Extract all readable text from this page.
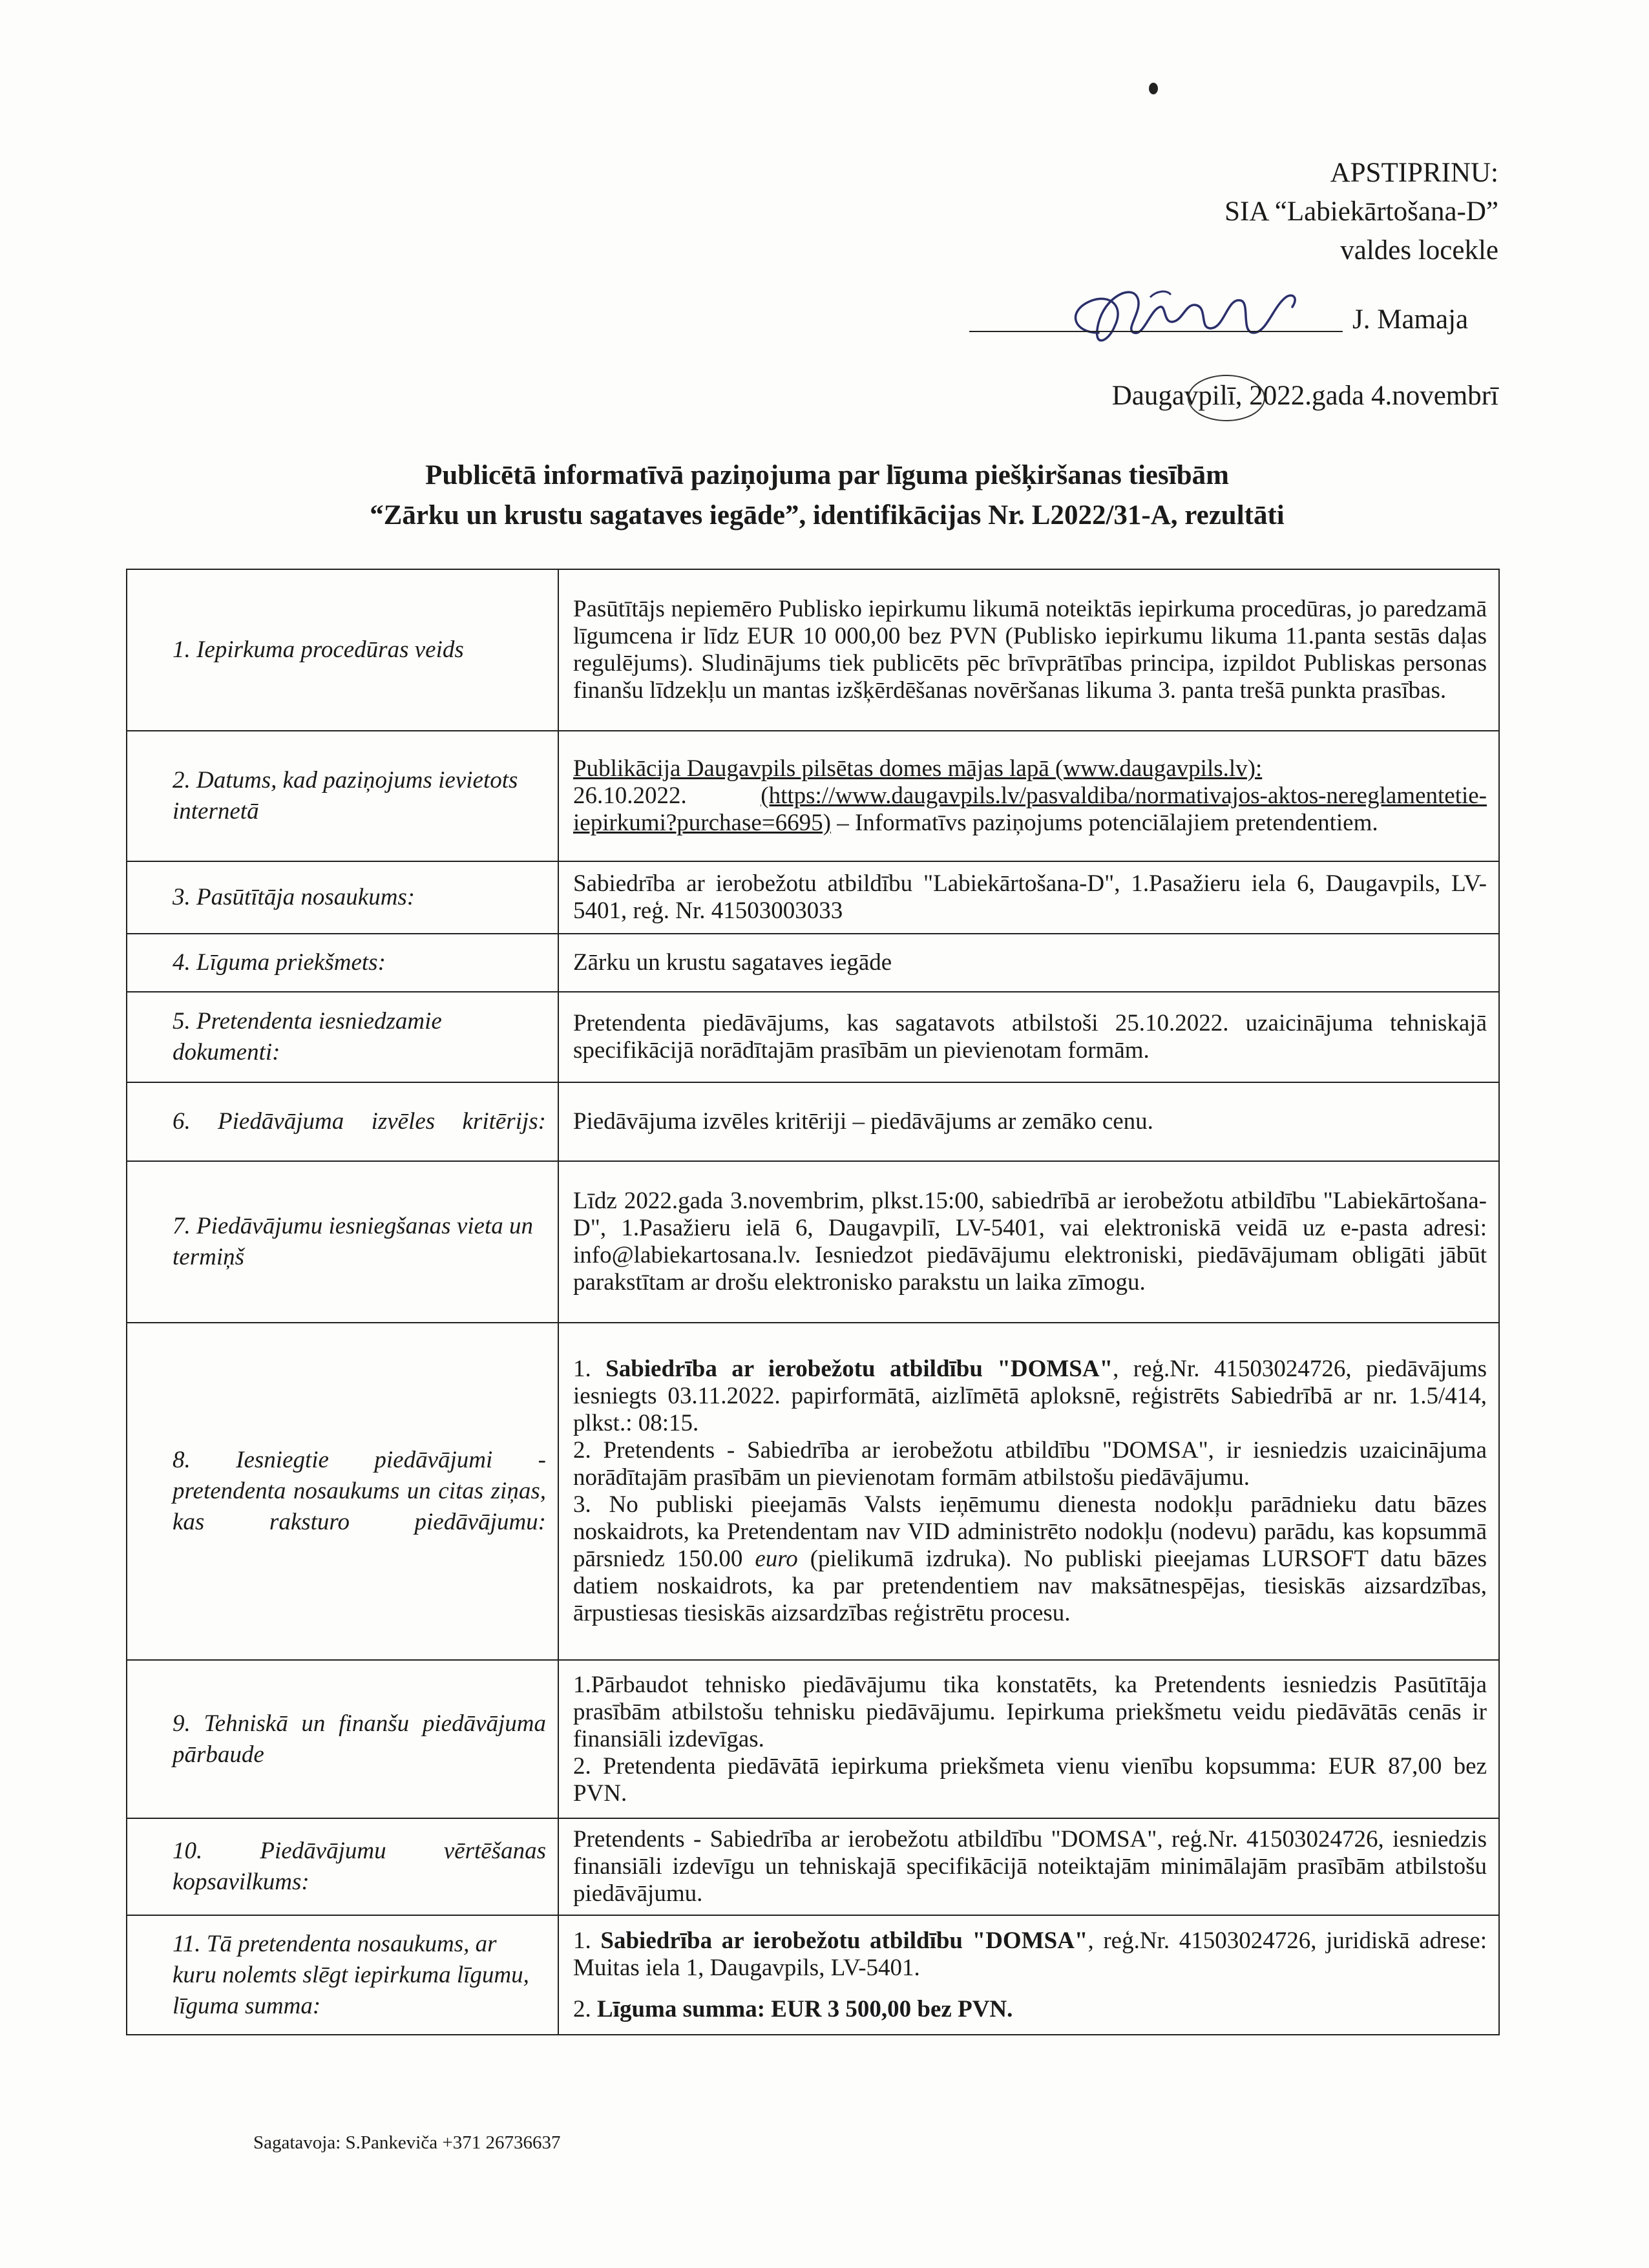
APSTIPRINU:
SIA “Labiekārtošana-D”
valdes locekle
J. Mamaja
Daugavpilī, 2022.gada 4.novembrī
Publicētā informatīvā paziņojuma par līguma piešķiršanas tiesībām
“Zārku un krustu sagataves iegāde”, identifikācijas Nr. L2022/31-A, rezultāti
1. Iepirkuma procedūras veids	Pasūtītājs nepiemēro Publisko iepirkumu likumā noteiktās iepirkuma procedūras, jo paredzamā līgumcena ir līdz EUR 10 000,00 bez PVN (Publisko iepirkumu likuma 11.panta sestās daļas regulējums). Sludinājums tiek publicēts pēc brīvprātības principa, izpildot Publiskas personas finanšu līdzekļu un mantas izšķērdēšanas novēršanas likuma 3. panta trešā punkta prasības.
2. Datums, kad paziņojums ievietots internetā	Publikācija Daugavpils pilsētas domes mājas lapā (www.daugavpils.lv):

26.10.2022. (https://www.daugavpils.lv/pasvaldiba/normativajos-aktos-nereglamentetie-iepirkumi?purchase=6695) – Informatīvs paziņojums potenciālajiem pretendentiem.

3. Pasūtītāja nosaukums:	Sabiedrība ar ierobežotu atbildību "Labiekārtošana-D", 1.Pasažieru iela 6, Daugavpils, LV-5401, reģ. Nr. 41503003033
4. Līguma priekšmets:	Zārku un krustu sagataves iegāde
5. Pretendenta iesniedzamie dokumenti:	Pretendenta piedāvājums, kas sagatavots atbilstoši 25.10.2022. uzaicinājuma tehniskajā specifikācijā norādītajām prasībām un pievienotam formām.
6. Piedāvājuma izvēles kritērijs:	Piedāvājuma izvēles kritēriji – piedāvājums ar zemāko cenu.
7. Piedāvājumu iesniegšanas vieta un termiņš	Līdz 2022.gada 3.novembrim, plkst.15:00, sabiedrībā ar ierobežotu atbildību "Labiekārtošana-D", 1.Pasažieru ielā 6, Daugavpilī, LV-5401, vai elektroniskā veidā uz e-pasta adresi: info@labiekartosana.lv. Iesniedzot piedāvājumu elektroniski, piedāvājumam obligāti jābūt parakstītam ar drošu elektronisko parakstu un laika zīmogu.
8. Iesniegtie piedāvājumi - pretendenta nosaukums un citas ziņas, kas raksturo piedāvājumu:	1. Sabiedrība ar ierobežotu atbildību "DOMSA", reģ.Nr. 41503024726, piedāvājums iesniegts 03.11.2022. papirformātā, aizlīmētā aploksnē, reģistrēts Sabiedrībā ar nr. 1.5/414, plkst.: 08:15.

2. Pretendents - Sabiedrība ar ierobežotu atbildību "DOMSA", ir iesniedzis uzaicinājuma norādītajām prasībām un pievienotam formām atbilstošu piedāvājumu.

3. No publiski pieejamās Valsts ieņēmumu dienesta nodokļu parādnieku datu bāzes noskaidrots, ka Pretendentam nav VID administrēto nodokļu (nodevu) parādu, kas kopsummā pārsniedz 150.00 euro (pielikumā izdruka). No publiski pieejamas LURSOFT datu bāzes datiem noskaidrots, ka par pretendentiem nav maksātnespējas, tiesiskās aizsardzības, ārpustiesas tiesiskās aizsardzības reģistrētu procesu.

9. Tehniskā un finanšu piedāvājuma pārbaude	1.Pārbaudot tehnisko piedāvājumu tika konstatēts, ka Pretendents iesniedzis Pasūtītāja prasībām atbilstošu tehnisku piedāvājumu. Iepirkuma priekšmetu veidu piedāvātās cenās ir finansiāli izdevīgas.

2. Pretendenta piedāvātā iepirkuma priekšmeta vienu vienību kopsumma: EUR 87,00 bez PVN.

10. Piedāvājumu vērtēšanas kopsavilkums:	Pretendents - Sabiedrība ar ierobežotu atbildību "DOMSA", reģ.Nr. 41503024726, iesniedzis finansiāli izdevīgu un tehniskajā specifikācijā noteiktajām minimālajām prasībām atbilstošu piedāvājumu.
11. Tā pretendenta nosaukums, ar kuru nolemts slēgt iepirkuma līgumu, līguma summa:	1. Sabiedrība ar ierobežotu atbildību "DOMSA", reģ.Nr. 41503024726, juridiskā adrese: Muitas iela 1, Daugavpils, LV-5401.

2. Līguma summa: EUR 3 500,00 bez PVN.

Sagatavoja: S.Pankeviča +371 26736637
